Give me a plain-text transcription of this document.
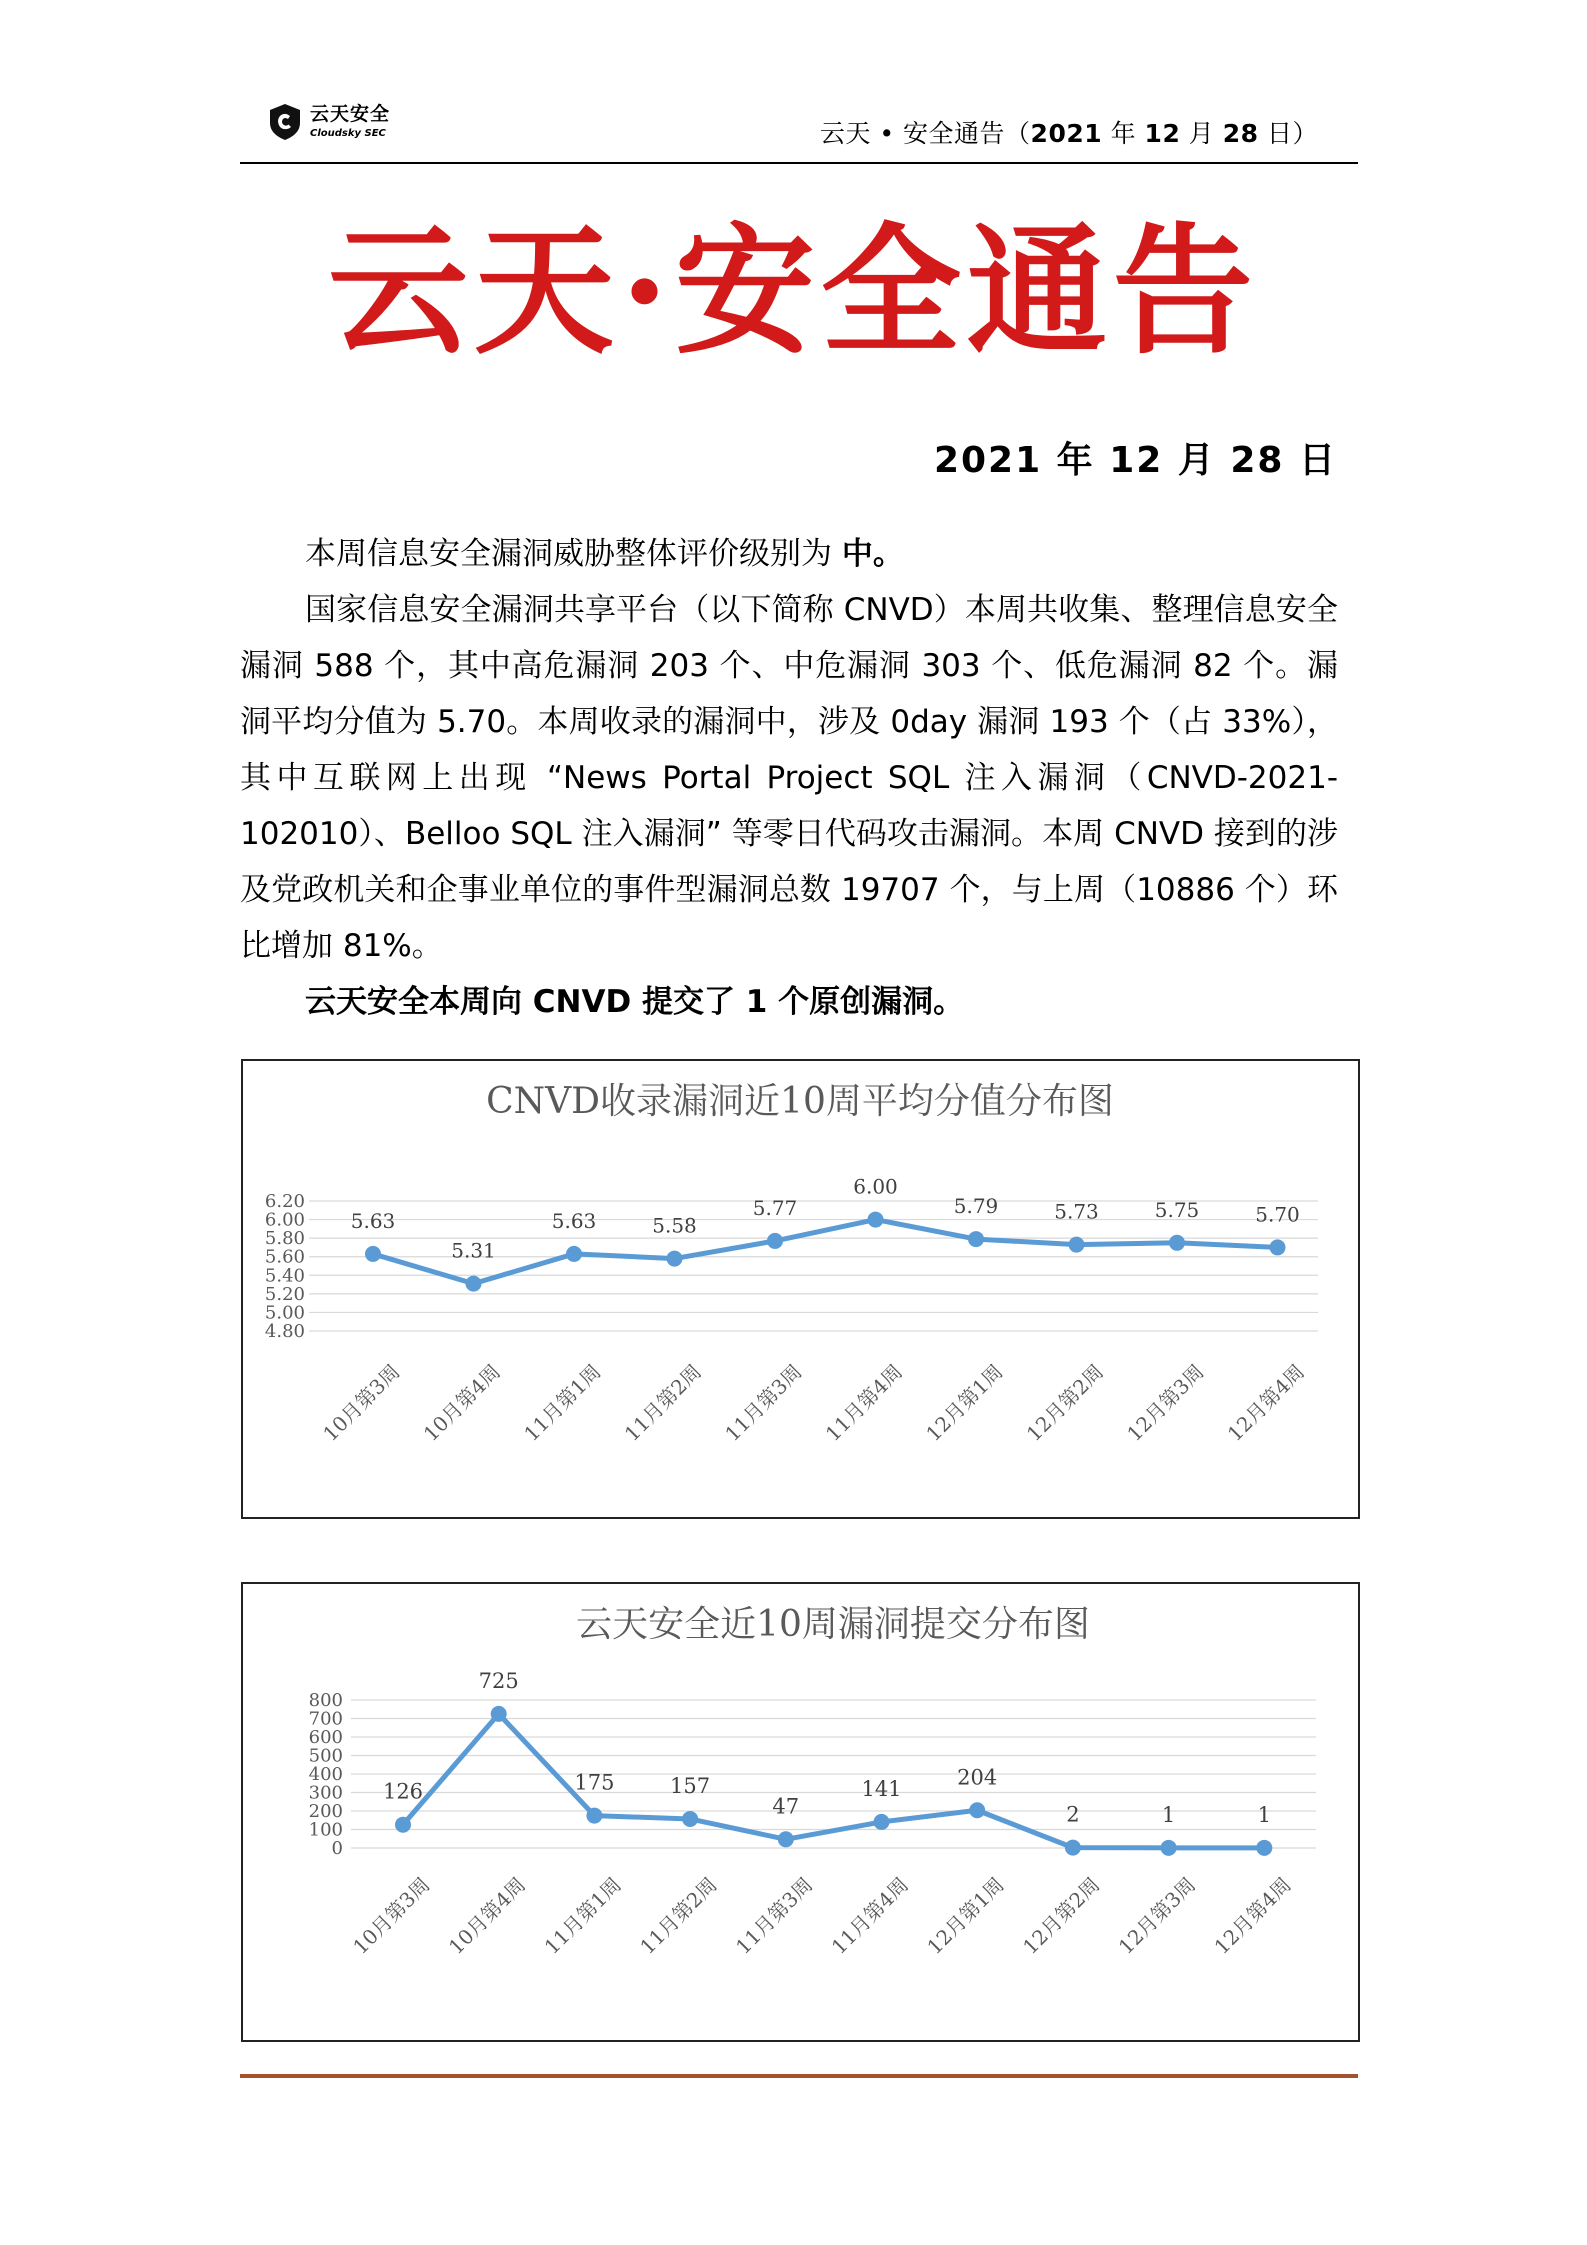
云天安全
Cloudsky SEC	云天 • 安全通告（2021 年 12 月 28 日）
云天·安全通告
2021 年 12 月 28 日

本周信息安全漏洞威胁整体评价级别为 中。

国家信息安全漏洞共享平台（以下简称 CNVD）本周共收集、整理信息安全漏洞 588 个，其中高危漏洞 203 个、中危漏洞 303 个、低危漏洞 82 个。漏洞平均分值为 5.70。本周收录的漏洞中，涉及 0day 漏洞 193 个（占 33%），其中互联网上出现 “News Portal Project SQL 注入漏洞（CNVD-2021-102010）、Belloo SQL 注入漏洞” 等零日代码攻击漏洞。本周 CNVD 接到的涉及党政机关和企事业单位的事件型漏洞总数 19707 个，与上周（10886 个）环比增加 81%。

云天安全本周向 CNVD 提交了 1 个原创漏洞。

CNVD收录漏洞近10周平均分值分布图
4.80
5.00
5.20
5.40
5.60
5.80
6.00
6.20
5.63
10月第3周
5.31
10月第4周
5.63
11月第1周
5.58
11月第2周
5.77
11月第3周
6.00
11月第4周
5.79
12月第1周
5.73
12月第2周
5.75
12月第3周
5.70
12月第4周
云天安全近10周漏洞提交分布图
0
100
200
300
400
500
600
700
800
126
10月第3周
725
10月第4周
175
11月第1周
157
11月第2周
47
11月第3周
141
11月第4周
204
12月第1周
2
12月第2周
1
12月第3周
1
12月第4周
